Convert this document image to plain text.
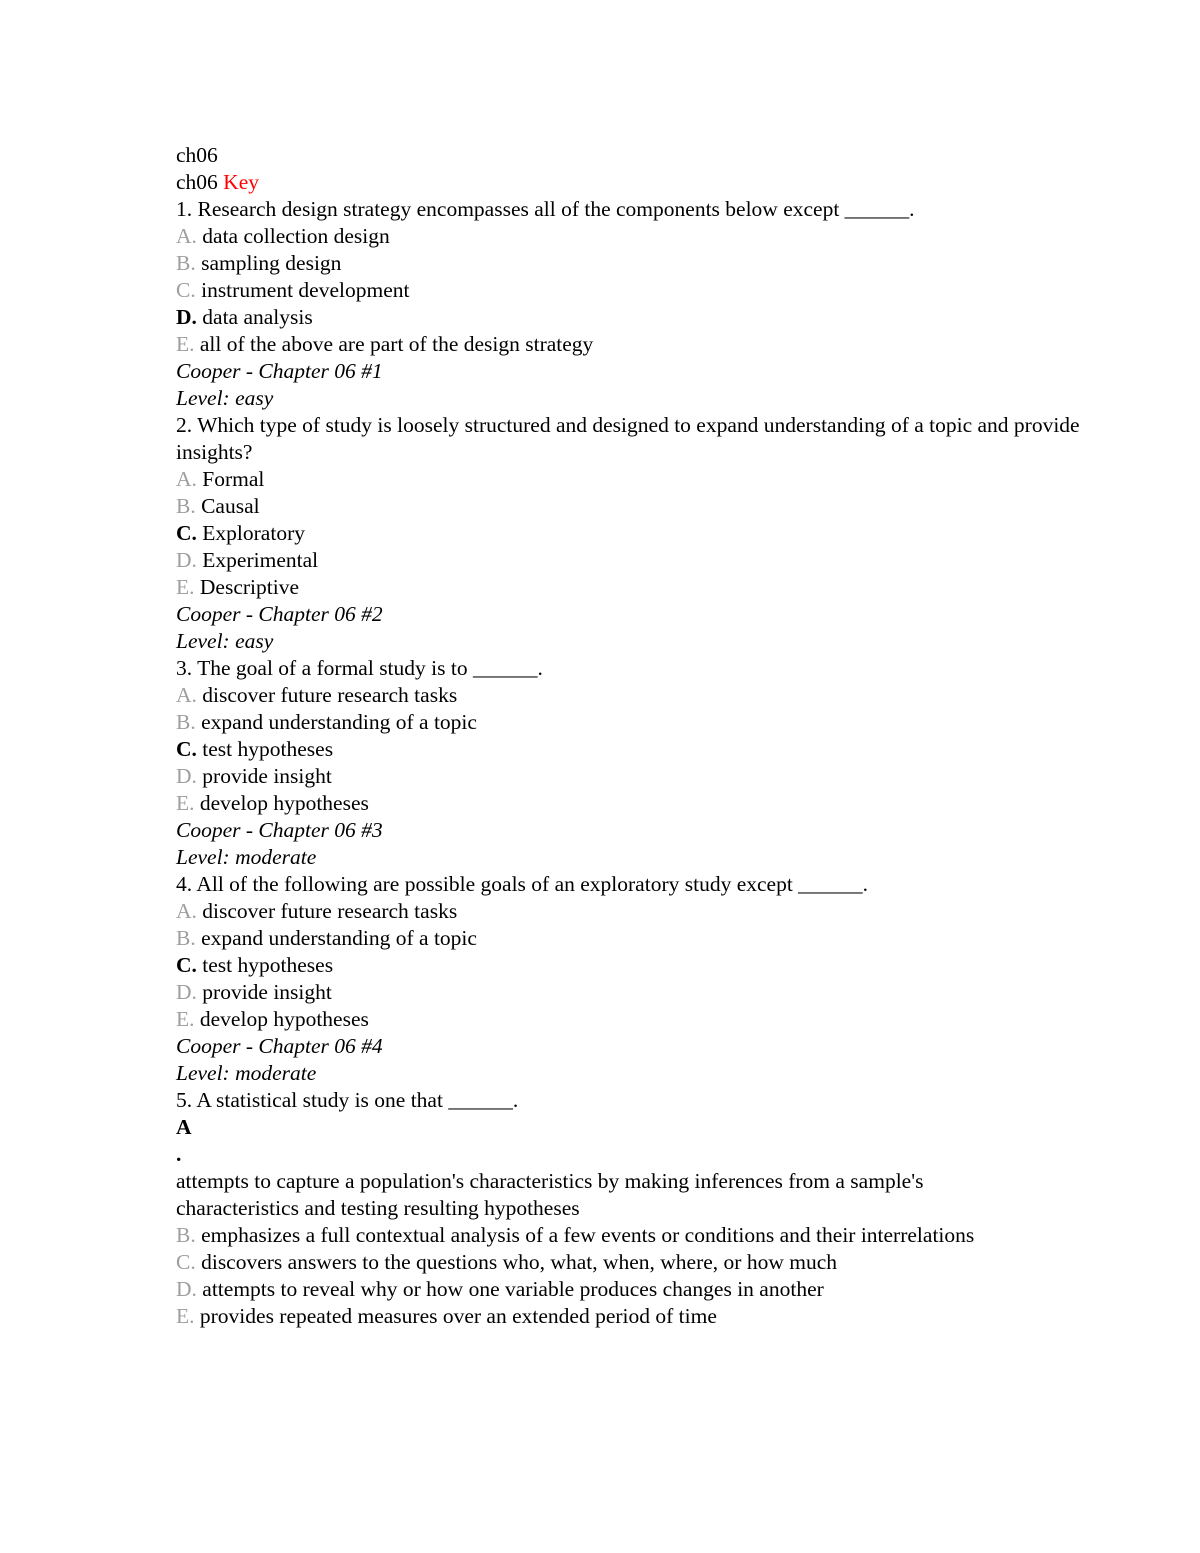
ch06
ch06 Key
1. Research design strategy encompasses all of the components below except ______.
A. data collection design
B. sampling design
C. instrument development
D. data analysis
E. all of the above are part of the design strategy
Cooper - Chapter 06 #1
Level: easy
2. Which type of study is loosely structured and designed to expand understanding of a topic and provide
insights?
A. Formal
B. Causal
C. Exploratory
D. Experimental
E. Descriptive
Cooper - Chapter 06 #2
Level: easy
3. The goal of a formal study is to ______.
A. discover future research tasks
B. expand understanding of a topic
C. test hypotheses
D. provide insight
E. develop hypotheses
Cooper - Chapter 06 #3
Level: moderate
4. All of the following are possible goals of an exploratory study except ______.
A. discover future research tasks
B. expand understanding of a topic
C. test hypotheses
D. provide insight
E. develop hypotheses
Cooper - Chapter 06 #4
Level: moderate
5. A statistical study is one that ______.
A
.
attempts to capture a population's characteristics by making inferences from a sample's characteristics and testing resulting hypotheses
B. emphasizes a full contextual analysis of a few events or conditions and their interrelations
C. discovers answers to the questions who, what, when, where, or how much
D. attempts to reveal why or how one variable produces changes in another
E. provides repeated measures over an extended period of time
